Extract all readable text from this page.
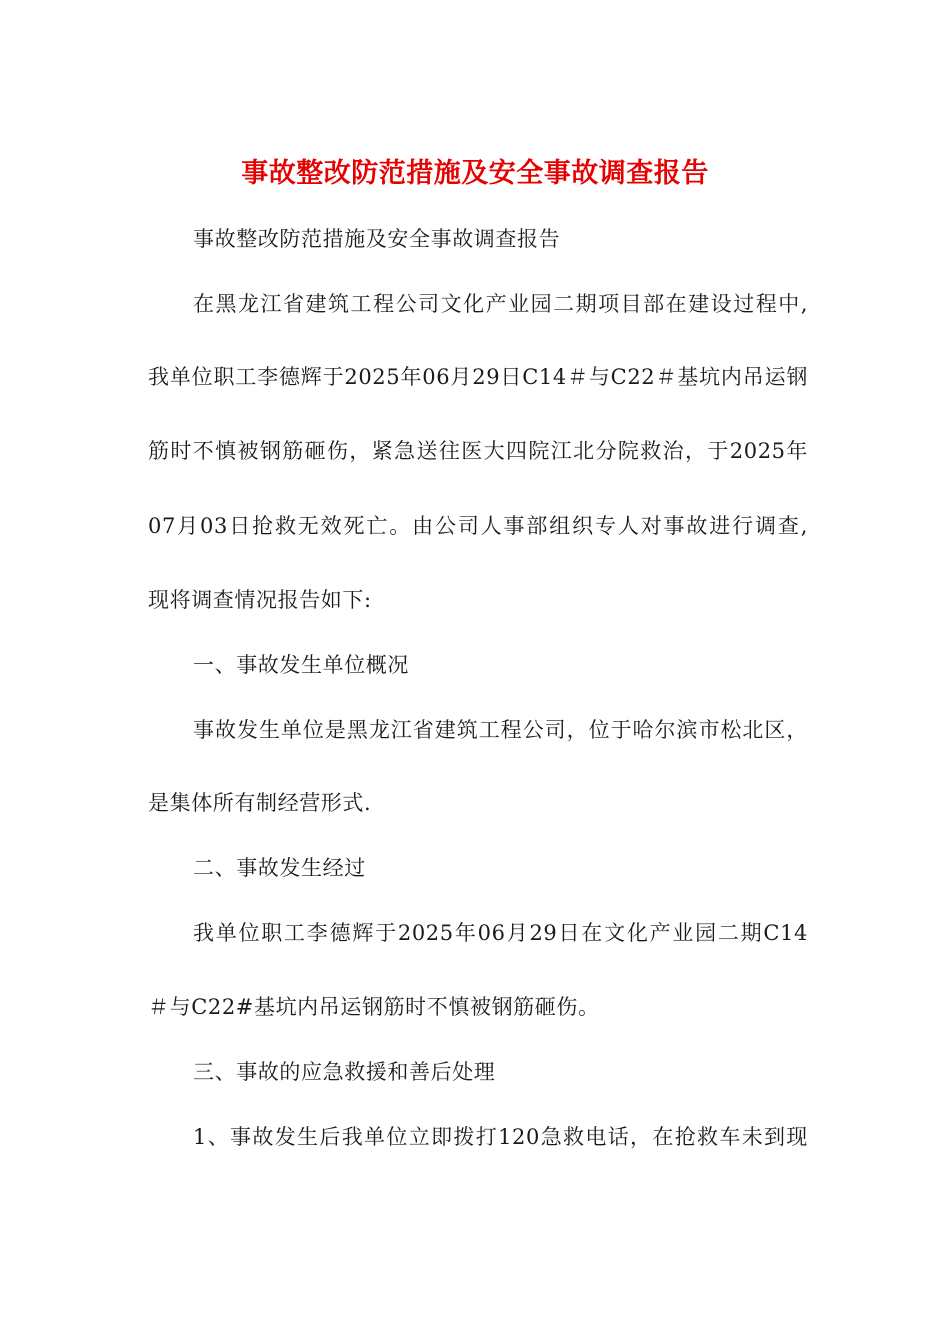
事故整改防范措施及安全事故调查报告
事故整改防范措施及安全事故调查报告
在黑龙江省建筑工程公司文化产业园二期项目部在建设过程中,
我单位职工李德辉于2025年06月29日C14＃与C22＃基坑内吊运钢
筋时不慎被钢筋砸伤，紧急送往医大四院江北分院救治，于2025年
07月03日抢救无效死亡。由公司人事部组织专人对事故进行调查,
现将调查情况报告如下:
一、事故发生单位概况
事故发生单位是黑龙江省建筑工程公司，位于哈尔滨市松北区，
是集体所有制经营形式.
二、事故发生经过
我单位职工李德辉于2025年06月29日在文化产业园二期C14
＃与C22#基坑内吊运钢筋时不慎被钢筋砸伤。
三、事故的应急救援和善后处理
1、事故发生后我单位立即拨打120急救电话，在抢救车未到现
